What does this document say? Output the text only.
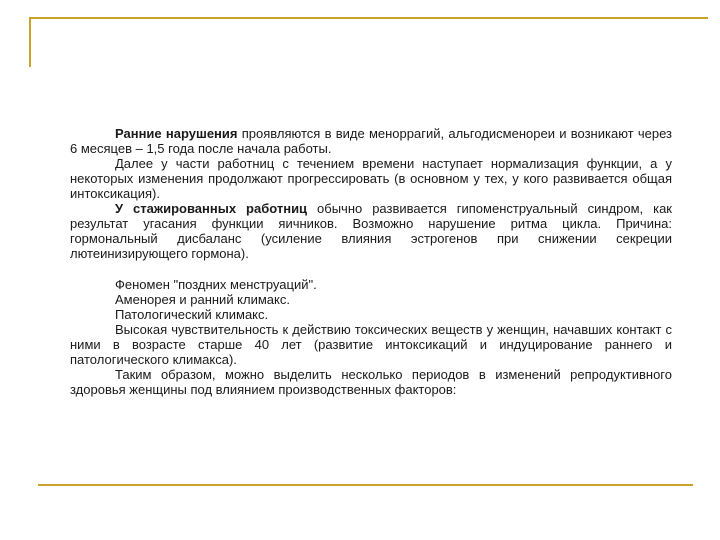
Ранние нарушения проявляются в виде меноррагий, альгодисменореи и возникают через 6 месяцев – 1,5 года после начала работы.

Далее у части работниц с течением времени наступает нормализация функции, а у некоторых изменения продолжают прогрессировать (в основном у тех, у кого развивается общая интоксикация).

У стажированных работниц обычно развивается гипоменструальный синдром, как результат угасания функции яичников. Возможно нарушение ритма цикла. Причина: гормональный дисбаланс (усиление влияния эстрогенов при снижении секреции лютеинизирующего гормона).

Феномен "поздних менструаций".

Аменорея и ранний климакс.

Патологический климакс.

Высокая чувствительность к действию токсических веществ у женщин, начавших контакт с ними в возрасте старше 40 лет (развитие интоксикаций и индуцирование раннего и патологического климакса).

Таким образом, можно выделить несколько периодов в изменений репродуктивного здоровья женщины под влиянием производственных факторов:
